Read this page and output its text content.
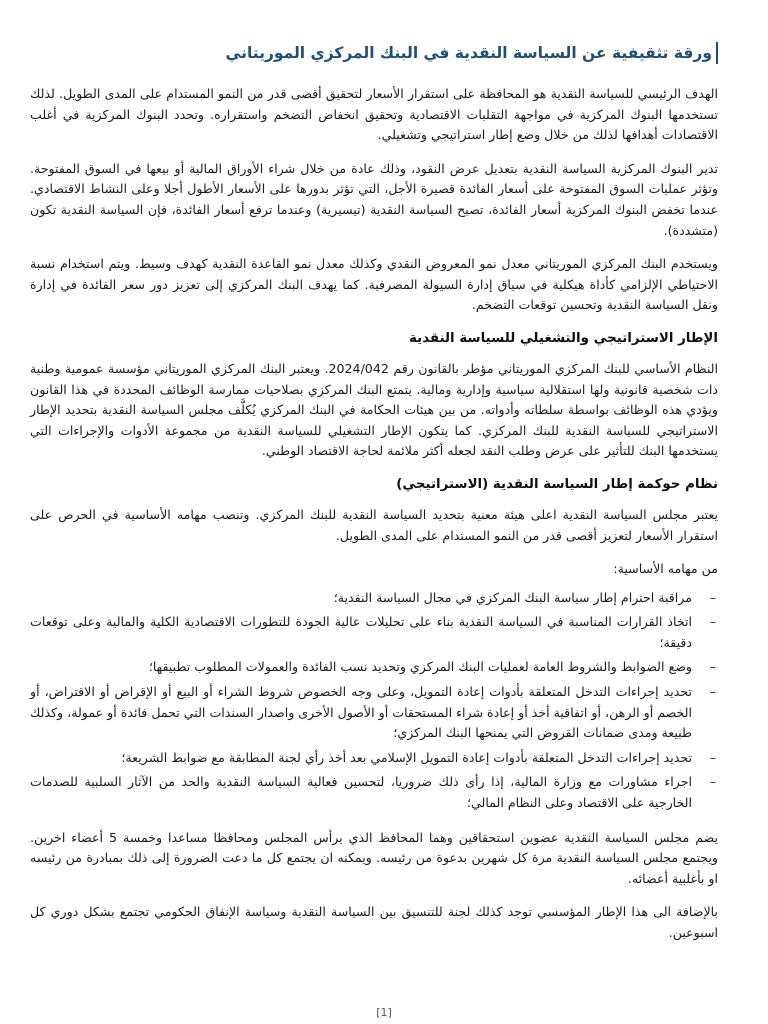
ورقة تثقيفية عن السياسة النقدية في البنك المركزي الموريتاني

الهدف الرئيسي للسياسة النقدية هو المحافظة على استقرار الأسعار لتحقيق أقصى قدر من النمو المستدام على المدى الطويل. لذلك تستخدمها البنوك المركزية في مواجهة التقلبات الاقتصادية وتحقيق انخفاض التضخم واستقراره. وتحدد البنوك المركزية في أغلب الاقتصادات أهدافها لذلك من خلال وضع إطار استراتيجي وتشغيلي.

تدير البنوك المركزية السياسة النقدية بتعديل عرض النقود، وذلك عادة من خلال شراء الأوراق المالية أو بيعها في السوق المفتوحة. وتؤثر عمليات السوق المفتوحة على أسعار الفائدة قصيرة الأجل، التي تؤثر بدورها على الأسعار الأطول أجلا وعلى النشاط الاقتصادي. عندما تخفض البنوك المركزية أسعار الفائدة، تصبح السياسة النقدية (تيسيرية) وعندما ترفع أسعار الفائدة، فإن السياسة النقدية تكون (متشددة).

ويستخدم البنك المركزي الموريتاني معدل نمو المعروض النقدي وكذلك معدل نمو القاعدة النقدية كهدف وسيط. ويتم استخدام نسبة الاحتياطي الإلزامي كأداة هيكلية في سياق إدارة السيولة المصرفية. كما يهدف البنك المركزي إلى تعزيز دور سعر الفائدة في إدارة ونقل السياسة النقدية وتحسين توقعات التضخم.

الإطار الاستراتيجي والتشغيلي للسياسة النقدية

النظام الأساسي للبنك المركزي الموريتاني مؤطر بالقانون رقم 2024/042. ويعتبر البنك المركزي الموريتاني مؤسسة عمومية وطنية ذات شخصية قانونية ولها استقلالية سياسية وإدارية ومالية. يتمتع البنك المركزي بصلاحيات ممارسة الوظائف المحددة في هذا القانون ويؤدي هذه الوظائف بواسطة سلطاته وأدواته. من بين هيئات الحكامة في البنك المركزي يُكلَّف مجلس السياسة النقدية بتحديد الإطار الاستراتيجي للسياسة النقدية للبنك المركزي. كما يتكون الإطار التشغيلي للسياسة النقدية من مجموعة الأدوات والإجراءات التي يستخدمها البنك للتأثير على عرض وطلب النقد لجعله أكثر ملائمة لحاجة الاقتصاد الوطني.

نظام حوكمة إطار السياسة النقدية (الاستراتيجي)

يعتبر مجلس السياسة النقدية اعلى هيئة معنية بتحديد السياسة النقدية للبنك المركزي. وتنصب مهامه الأساسية في الحرص على استقرار الأسعار لتعزيز أقصى قدر من النمو المستدام على المدى الطويل.

من مهامه الأساسية:

–
مراقبة احترام إطار سياسة البنك المركزي في مجال السياسة النقدية؛
–
اتخاذ القرارات المناسبة في السياسة النقدية بناء على تحليلات عالية الجودة للتطورات الاقتصادية الكلية والمالية وعلى توقعات دقيقة؛
–
وضع الضوابط والشروط العامة لعمليات البنك المركزي وتحديد نسب الفائدة والعمولات المطلوب تطبيقها؛
–
تحديد إجراءات التدخل المتعلقة بأدوات إعادة التمويل، وعلى وجه الخصوص شروط الشراء أو البيع أو الإقراض أو الاقتراض، أو الخصم أو الرهن، أو اتفاقية أخذ أو إعادة شراء المستحقات أو الأصول الأخرى واصدار السندات التي تحمل فائدة أو عمولة، وكذلك طبيعة ومدى ضمانات القروض التي يمنحها البنك المركزي؛
–
تحديد إجراءات التدخل المتعلقة بأدوات إعادة التمويل الإسلامي بعد أخذ رأي لجنة المطابقة مع ضوابط الشريعة؛
–
اجراء مشاورات مع وزارة المالية، إذا رأى ذلك ضروريا، لتحسين فعالية السياسة النقدية والحد من الآثار السلبية للصدمات الخارجية على الاقتصاد وعلى النظام المالي؛

يضم مجلس السياسة النقدية عضوين استحقاقين وهما المحافظ الذي يرأس المجلس ومحافظا مساعدا وخمسة 5 أعضاء اخرين. ويجتمع مجلس السياسة النقدية مرة كل شهرين بدعوة من رئيسه. ويمكنه ان يجتمع كل ما دعت الضرورة إلى ذلك بمبادرة من رئيسه او بأغلبية أعضائه.

بالإضافة الى هذا الإطار المؤسسي توجد كذلك لجنة للتنسيق بين السياسة النقدية وسياسة الإنفاق الحكومي تجتمع بشكل دوري كل اسبوعين.

[1]
